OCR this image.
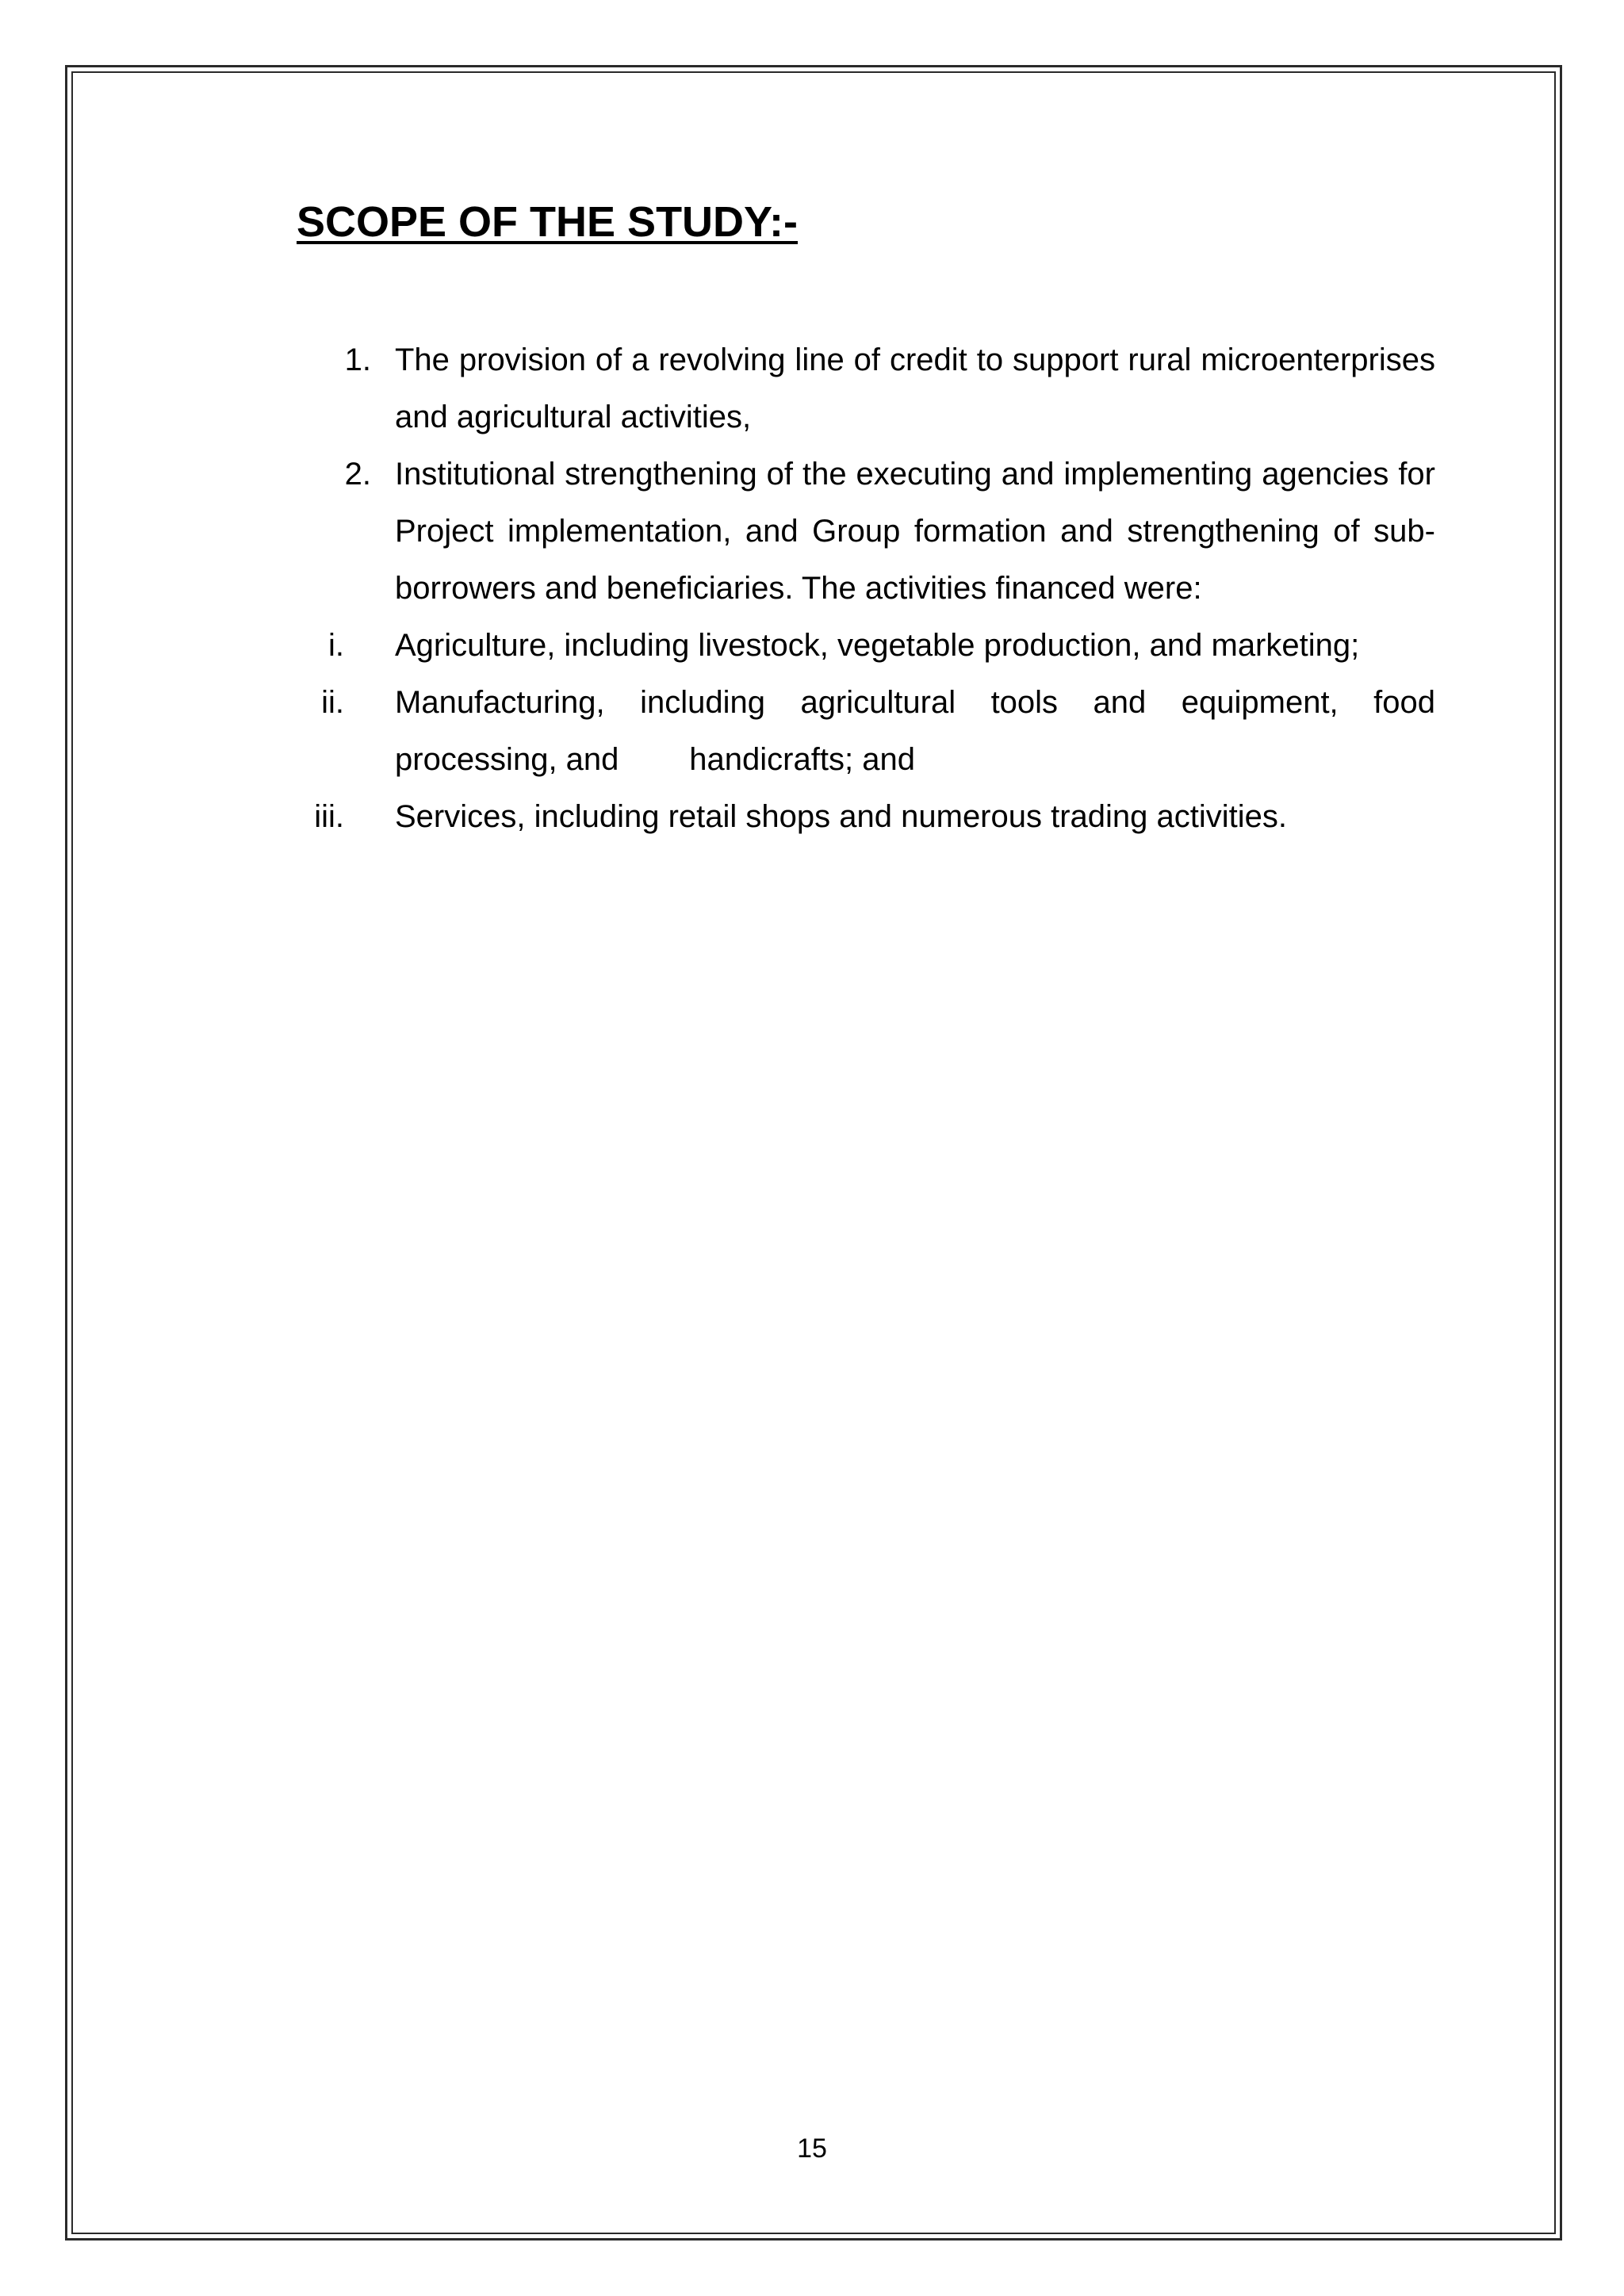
SCOPE OF THE STUDY:-
1. The provision of a revolving line of credit to support rural microenterprises and agricultural activities,
2. Institutional strengthening of the executing and implementing agencies for Project implementation, and Group formation and strengthening of sub-borrowers and beneficiaries. The activities financed were:
i. Agriculture, including livestock, vegetable production, and marketing;
ii. Manufacturing, including agricultural tools and equipment, food processing, and        handicrafts; and
iii. Services, including retail shops and numerous trading activities.
15
